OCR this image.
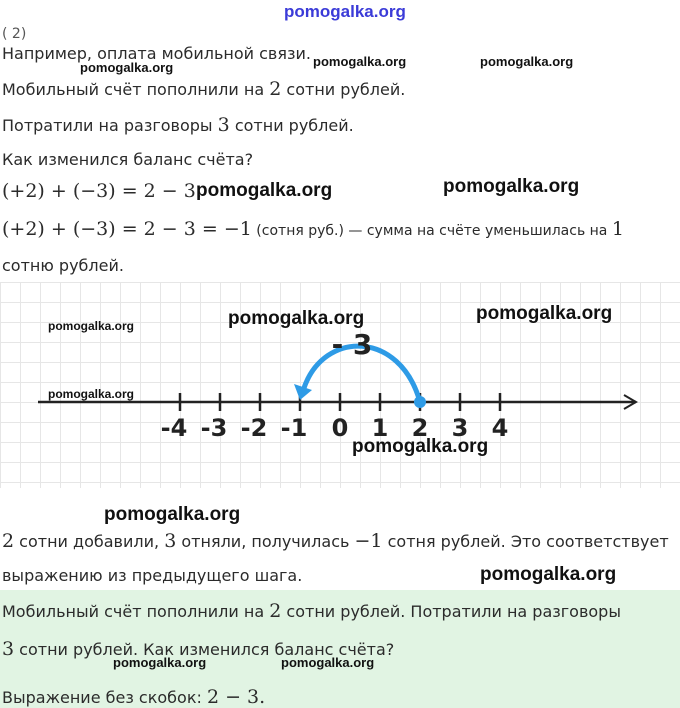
pomogalka.org
( 2)
Например, оплата мобильной связи.
Мобильный счёт пополнили на 2 сотни рублей.
Потратили на разговоры 3 сотни рублей.
Как изменился баланс счёта?
(+2) + (−3) = 2 − 3.
(+2) + (−3) = 2 − 3 = −1 (сотня руб.) — сумма на счёте уменьшилась на 1
сотню рублей.
-4 -3 -2 -1 0 1 2 3 4
- 3
2 сотни добавили, 3 отняли, получилась −1 сотня рублей. Это соответствует
выражению из предыдущего шага.
Мобильный счёт пополнили на 2 сотни рублей. Потратили на разговоры
3 сотни рублей. Как изменился баланс счёта?
Выражение без скобок: 2 − 3.
pomogalka.org	pomogalka.org	pomogalka.org
pomogalka.org	pomogalka.org
pomogalka.org	pomogalka.org	pomogalka.org
pomogalka.org
pomogalka.org
pomogalka.org
pomogalka.org
pomogalka.org	pomogalka.org
